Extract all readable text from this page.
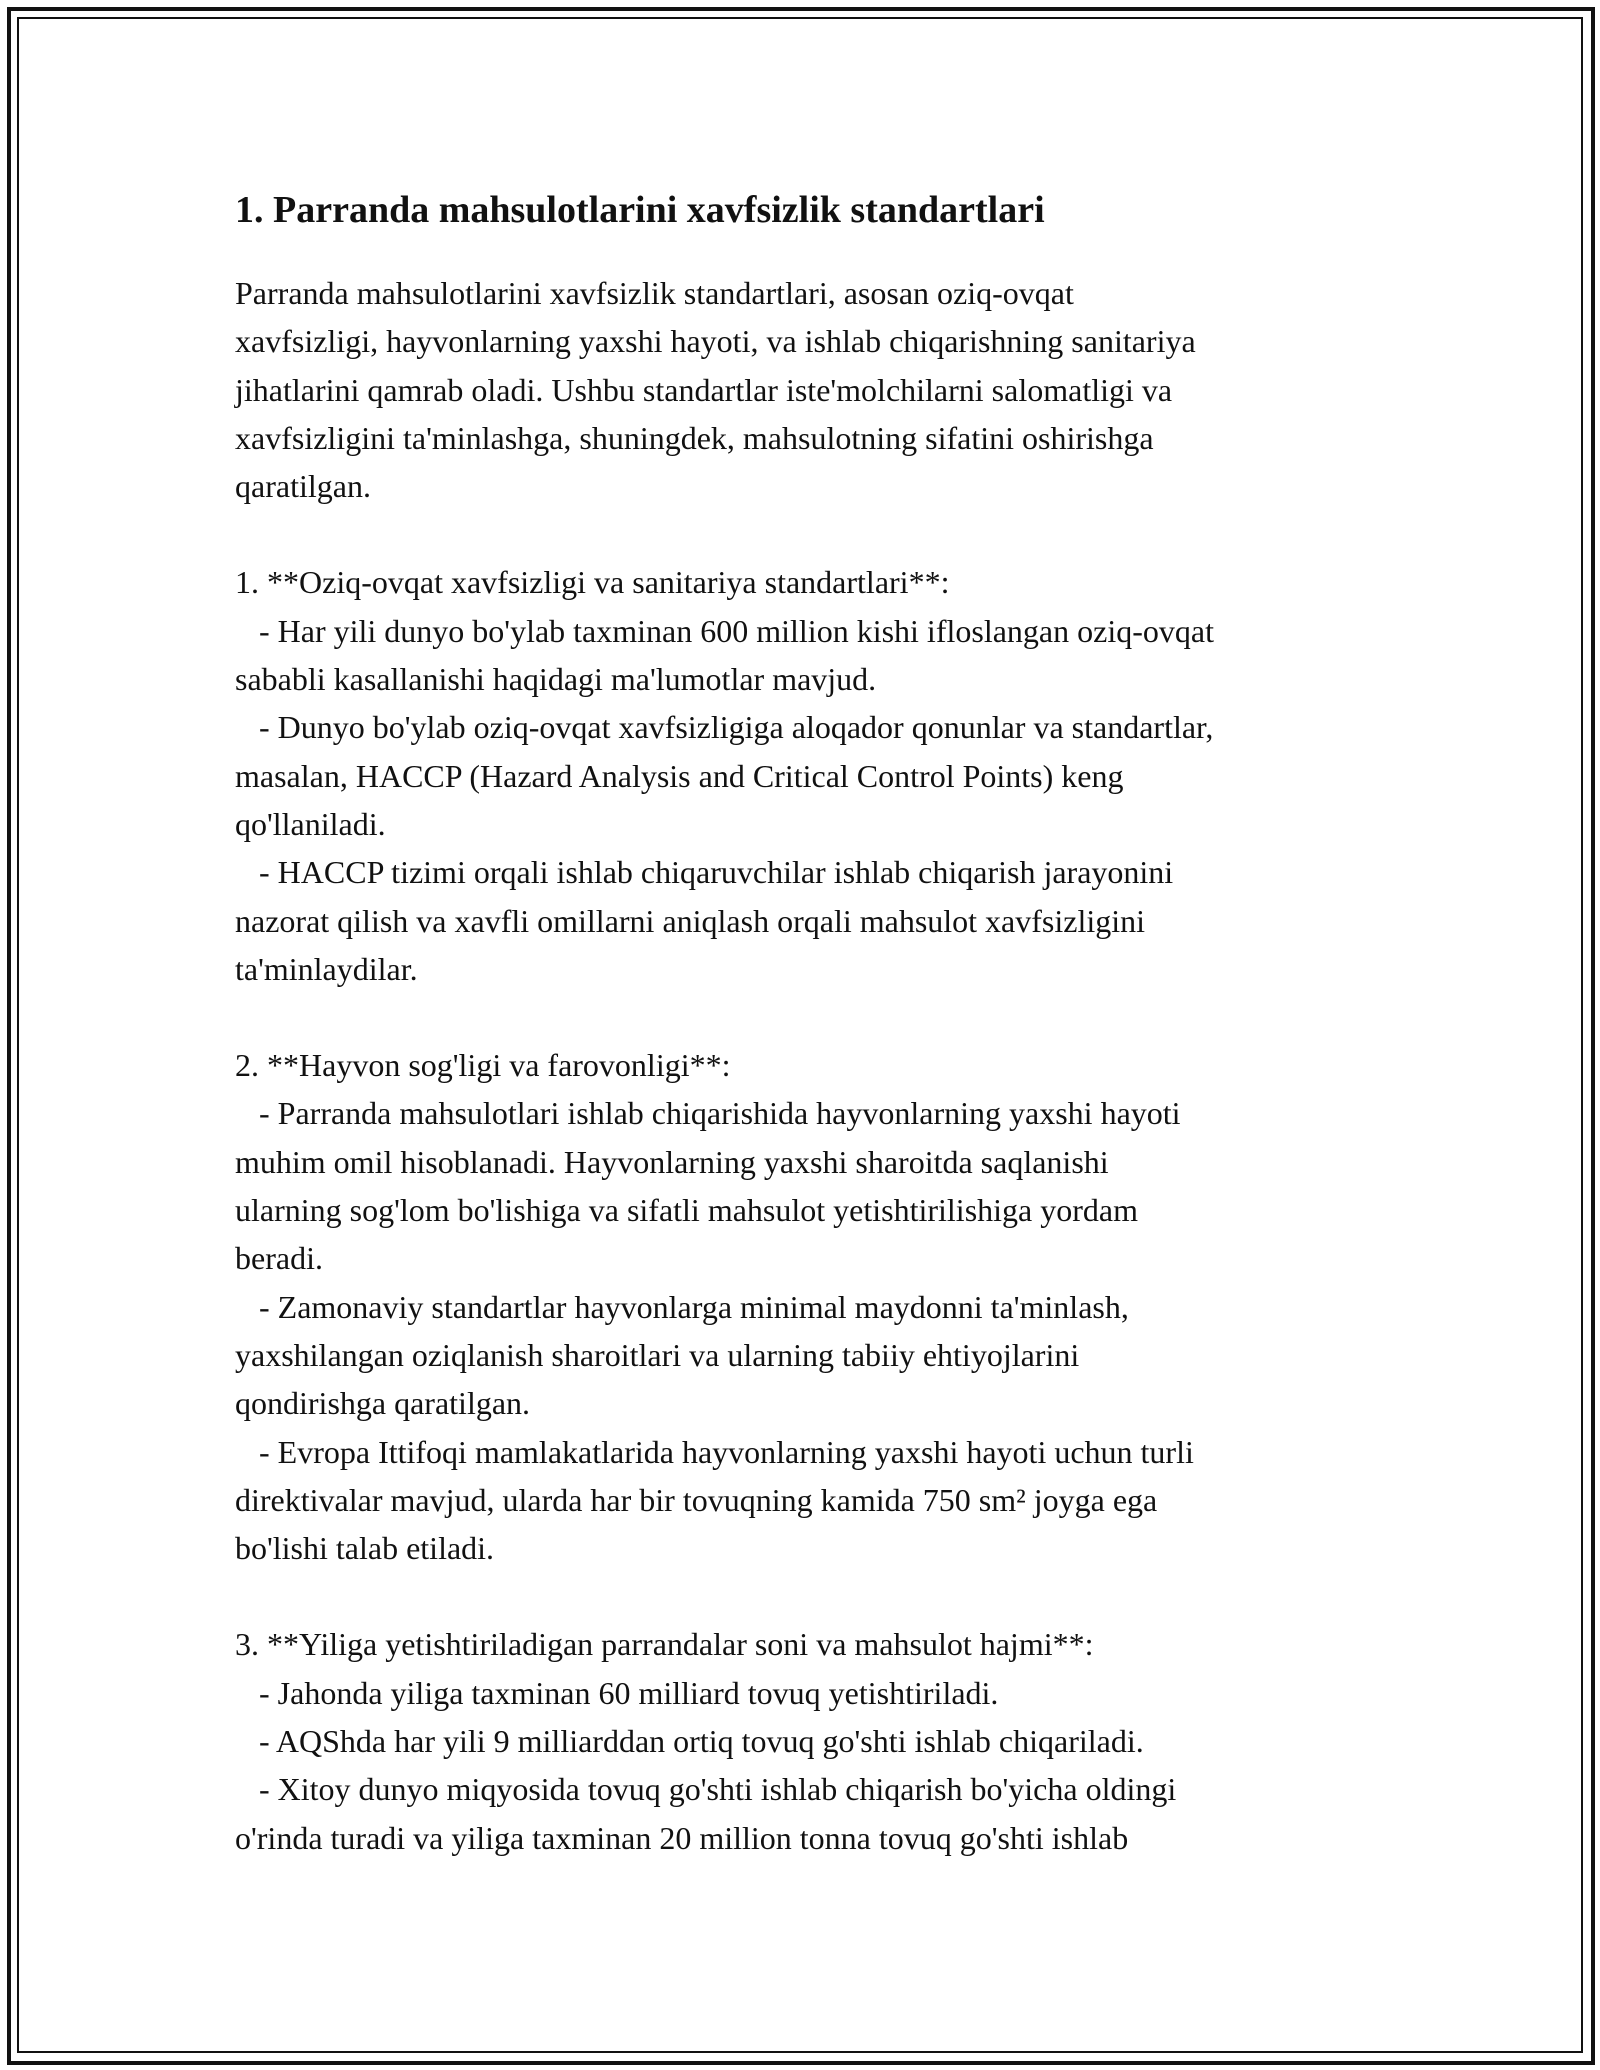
1. Parranda mahsulotlarini xavfsizlik standartlari
Parranda mahsulotlarini xavfsizlik standartlari, asosan oziq-ovqat
xavfsizligi, hayvonlarning yaxshi hayoti, va ishlab chiqarishning sanitariya
jihatlarini qamrab oladi. Ushbu standartlar iste'molchilarni salomatligi va
xavfsizligini ta'minlashga, shuningdek, mahsulotning sifatini oshirishga
qaratilgan.
1. **Oziq-ovqat xavfsizligi va sanitariya standartlari**:
- Har yili dunyo bo'ylab taxminan 600 million kishi ifloslangan oziq-ovqat
sababli kasallanishi haqidagi ma'lumotlar mavjud.
- Dunyo bo'ylab oziq-ovqat xavfsizligiga aloqador qonunlar va standartlar,
masalan, HACCP (Hazard Analysis and Critical Control Points) keng
qo'llaniladi.
- HACCP tizimi orqali ishlab chiqaruvchilar ishlab chiqarish jarayonini
nazorat qilish va xavfli omillarni aniqlash orqali mahsulot xavfsizligini
ta'minlaydilar.
2. **Hayvon sog'ligi va farovonligi**:
- Parranda mahsulotlari ishlab chiqarishida hayvonlarning yaxshi hayoti
muhim omil hisoblanadi. Hayvonlarning yaxshi sharoitda saqlanishi
ularning sog'lom bo'lishiga va sifatli mahsulot yetishtirilishiga yordam
beradi.
- Zamonaviy standartlar hayvonlarga minimal maydonni ta'minlash,
yaxshilangan oziqlanish sharoitlari va ularning tabiiy ehtiyojlarini
qondirishga qaratilgan.
- Evropa Ittifoqi mamlakatlarida hayvonlarning yaxshi hayoti uchun turli
direktivalar mavjud, ularda har bir tovuqning kamida 750 sm² joyga ega
bo'lishi talab etiladi.
3. **Yiliga yetishtiriladigan parrandalar soni va mahsulot hajmi**:
- Jahonda yiliga taxminan 60 milliard tovuq yetishtiriladi.
- AQShda har yili 9 milliarddan ortiq tovuq go'shti ishlab chiqariladi.
- Xitoy dunyo miqyosida tovuq go'shti ishlab chiqarish bo'yicha oldingi
o'rinda turadi va yiliga taxminan 20 million tonna tovuq go'shti ishlab
